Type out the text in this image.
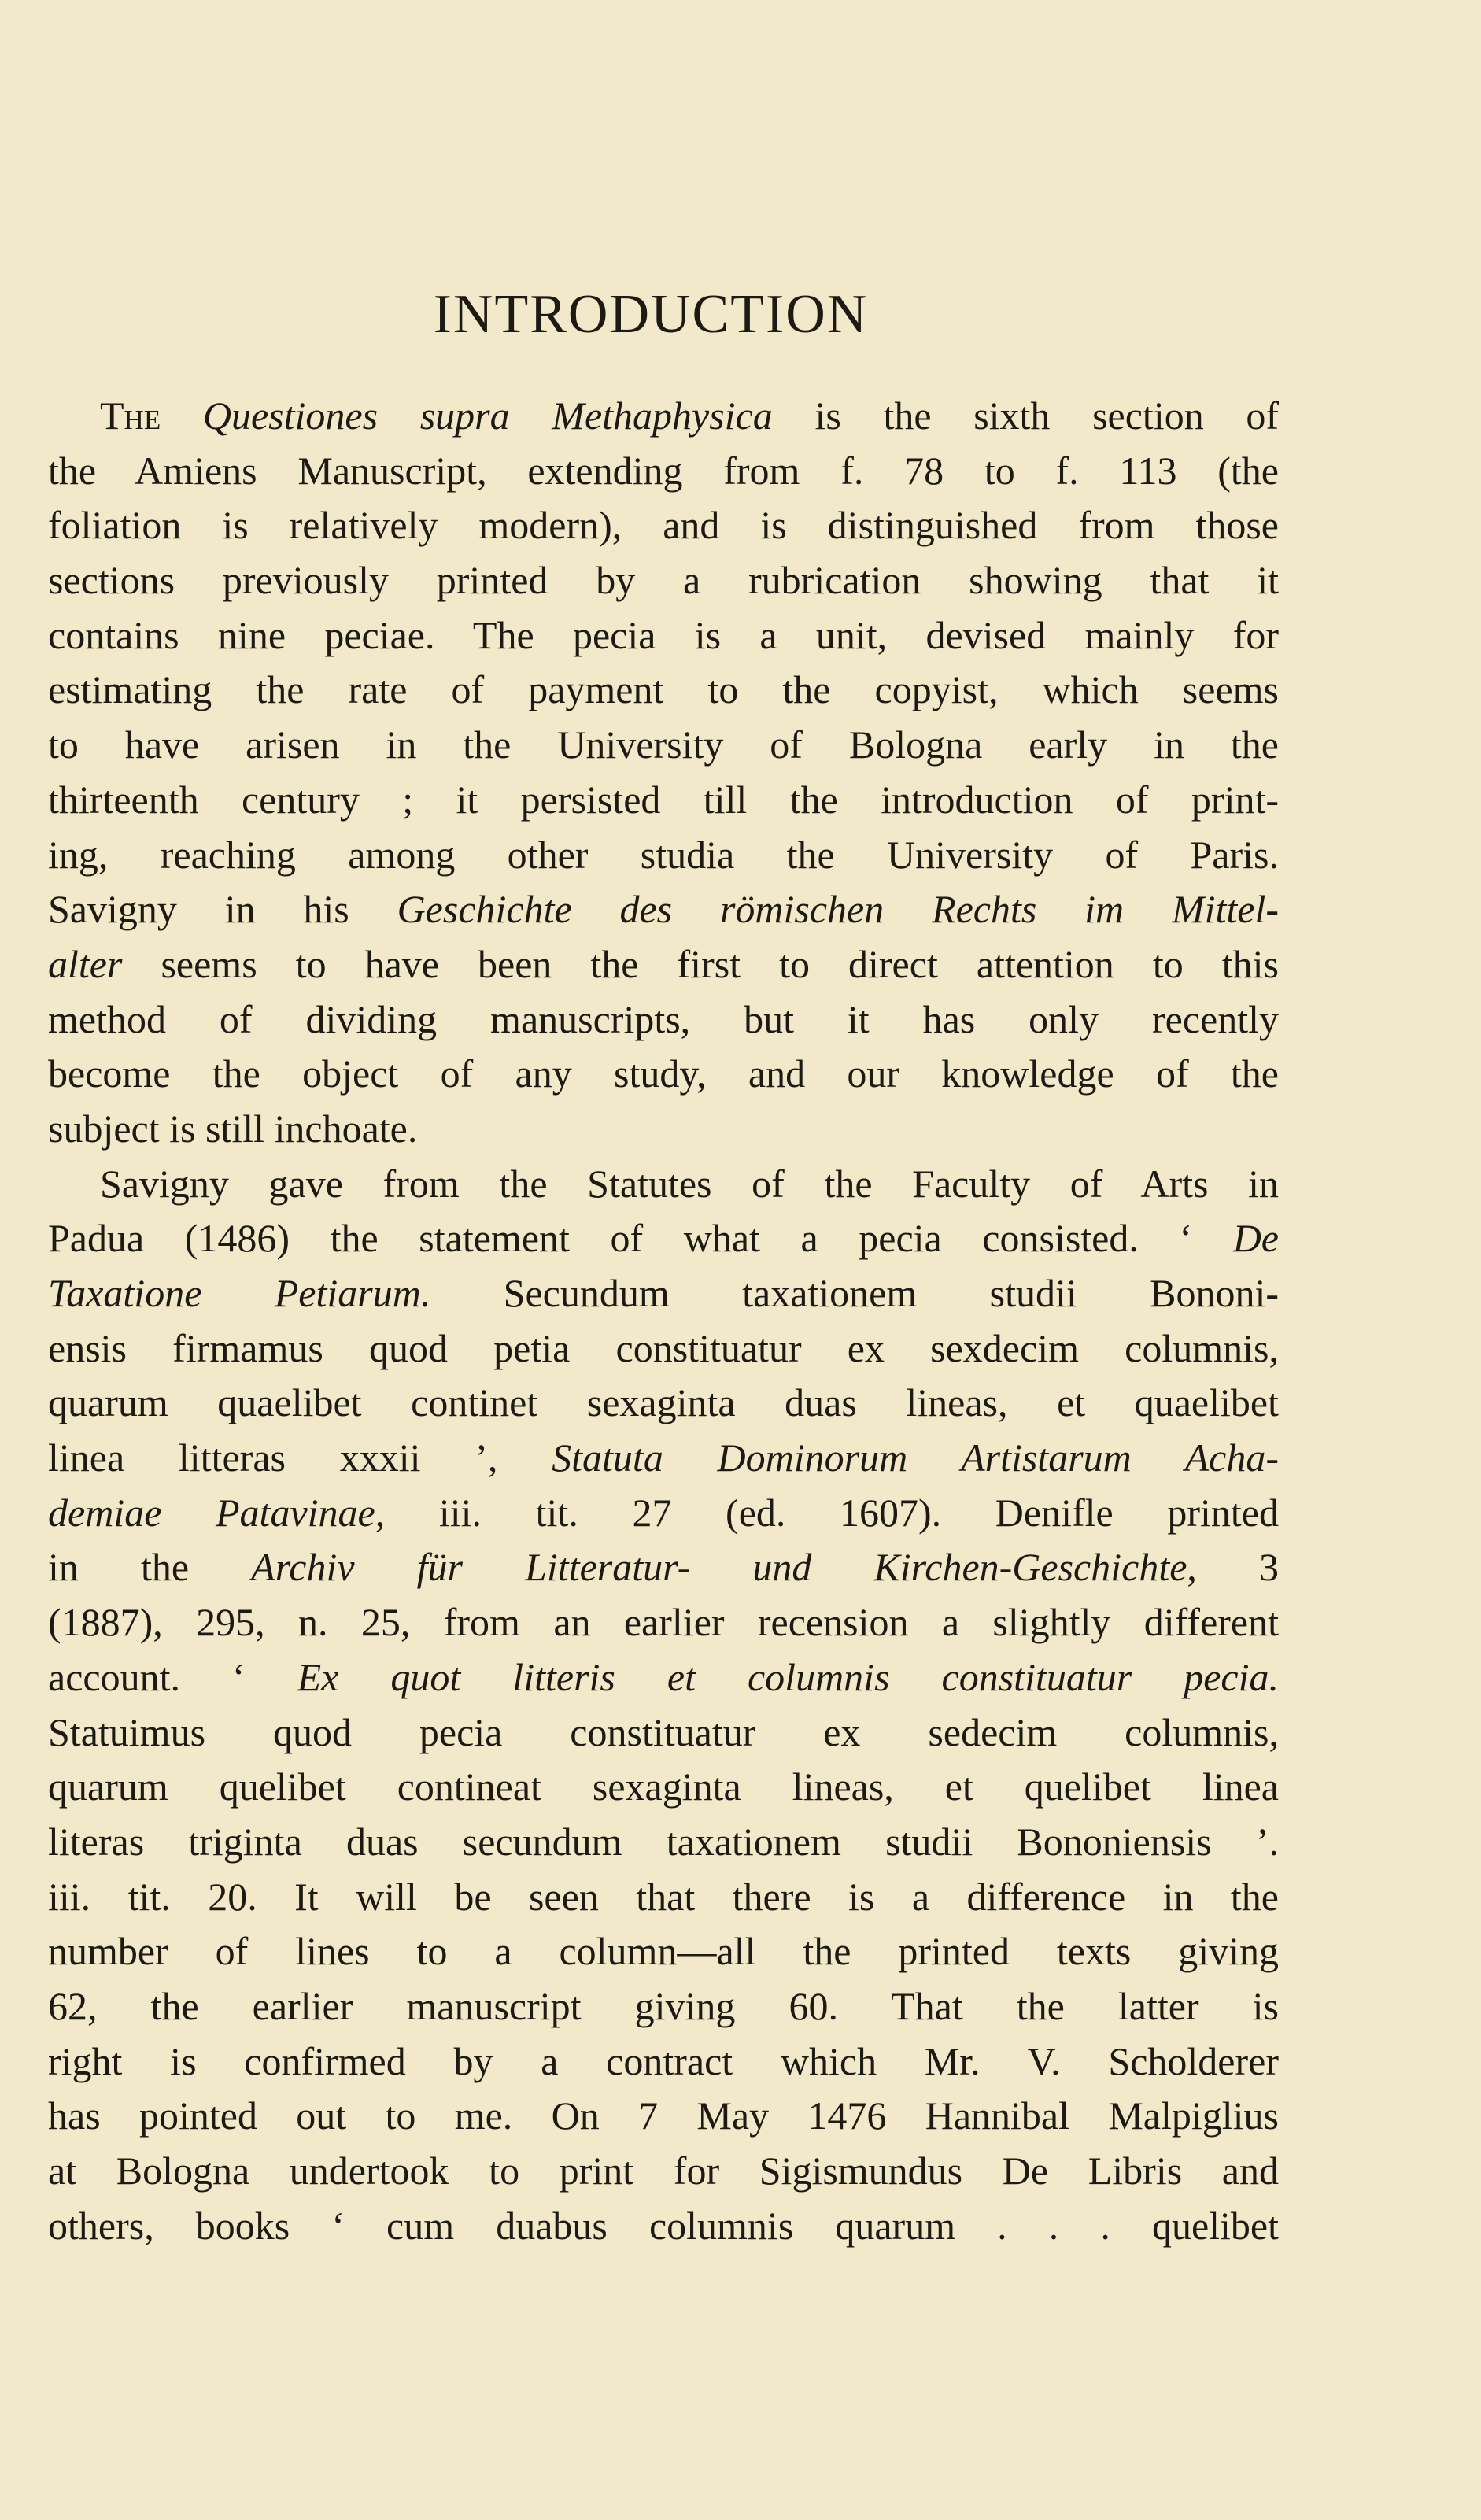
INTRODUCTION
The Questiones supra Methaphysica is the sixth section of
the Amiens Manuscript, extending from f. 78 to f. 113 (the
foliation is relatively modern), and is distinguished from those
sections previously printed by a rubrication showing that it
contains nine peciae. The pecia is a unit, devised mainly for
estimating the rate of payment to the copyist, which seems
to have arisen in the University of Bologna early in the
thirteenth century ; it persisted till the introduction of print-
ing, reaching among other studia the University of Paris.
Savigny in his Geschichte des römischen Rechts im Mittel-
alter seems to have been the first to direct attention to this
method of dividing manuscripts, but it has only recently
become the object of any study, and our knowledge of the
subject is still inchoate.
Savigny gave from the Statutes of the Faculty of Arts in
Padua (1486) the statement of what a pecia consisted. ‘ De
Taxatione Petiarum. Secundum taxationem studii Bononi-
ensis firmamus quod petia constituatur ex sexdecim columnis,
quarum quaelibet continet sexaginta duas lineas, et quaelibet
linea litteras xxxii ’, Statuta Dominorum Artistarum Acha-
demiae Patavinae, iii. tit. 27 (ed. 1607). Denifle printed
in the Archiv für Litteratur- und Kirchen-Geschichte, 3
(1887), 295, n. 25, from an earlier recension a slightly different
account. ‘ Ex quot litteris et columnis constituatur pecia.
Statuimus quod pecia constituatur ex sedecim columnis,
quarum quelibet contineat sexaginta lineas, et quelibet linea
literas triginta duas secundum taxationem studii Bononiensis ’.
iii. tit. 20. It will be seen that there is a difference in the
number of lines to a column—all the printed texts giving
62, the earlier manuscript giving 60. That the latter is
right is confirmed by a contract which Mr. V. Scholderer
has pointed out to me. On 7 May 1476 Hannibal Malpiglius
at Bologna undertook to print for Sigismundus De Libris and
others, books ‘ cum duabus columnis quarum . . . quelibet
